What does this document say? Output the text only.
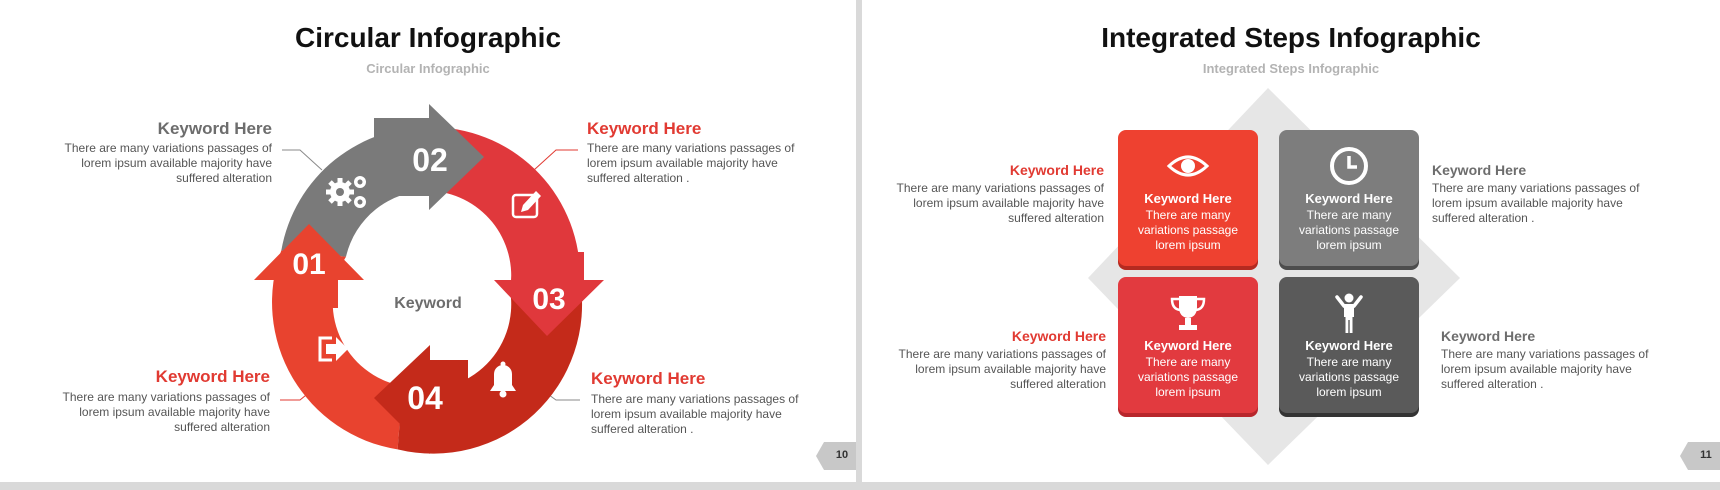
Circular Infographic
Circular Infographic
Keyword
02
01
03
04
Keyword Here
There are many variations passages of
lorem ipsum available majority have
suffered alteration
Keyword Here
There are many variations passages of
lorem ipsum available majority have
suffered alteration .
Keyword Here
There are many variations passages of
lorem ipsum available majority have
suffered alteration
Keyword Here
There are many variations passages of
lorem ipsum available majority have
suffered alteration .
10
Integrated Steps Infographic
Integrated Steps Infographic
Keyword Here
There are many
variations passage
lorem ipsum
Keyword Here
There are many
variations passage
lorem ipsum
Keyword Here
There are many
variations passage
lorem ipsum
Keyword Here
There are many
variations passage
lorem ipsum
Keyword Here
There are many variations passages of
lorem ipsum available majority have
suffered alteration
Keyword Here
There are many variations passages of
lorem ipsum available majority have
suffered alteration .
Keyword Here
There are many variations passages of
lorem ipsum available majority have
suffered alteration
Keyword Here
There are many variations passages of
lorem ipsum available majority have
suffered alteration .
11
